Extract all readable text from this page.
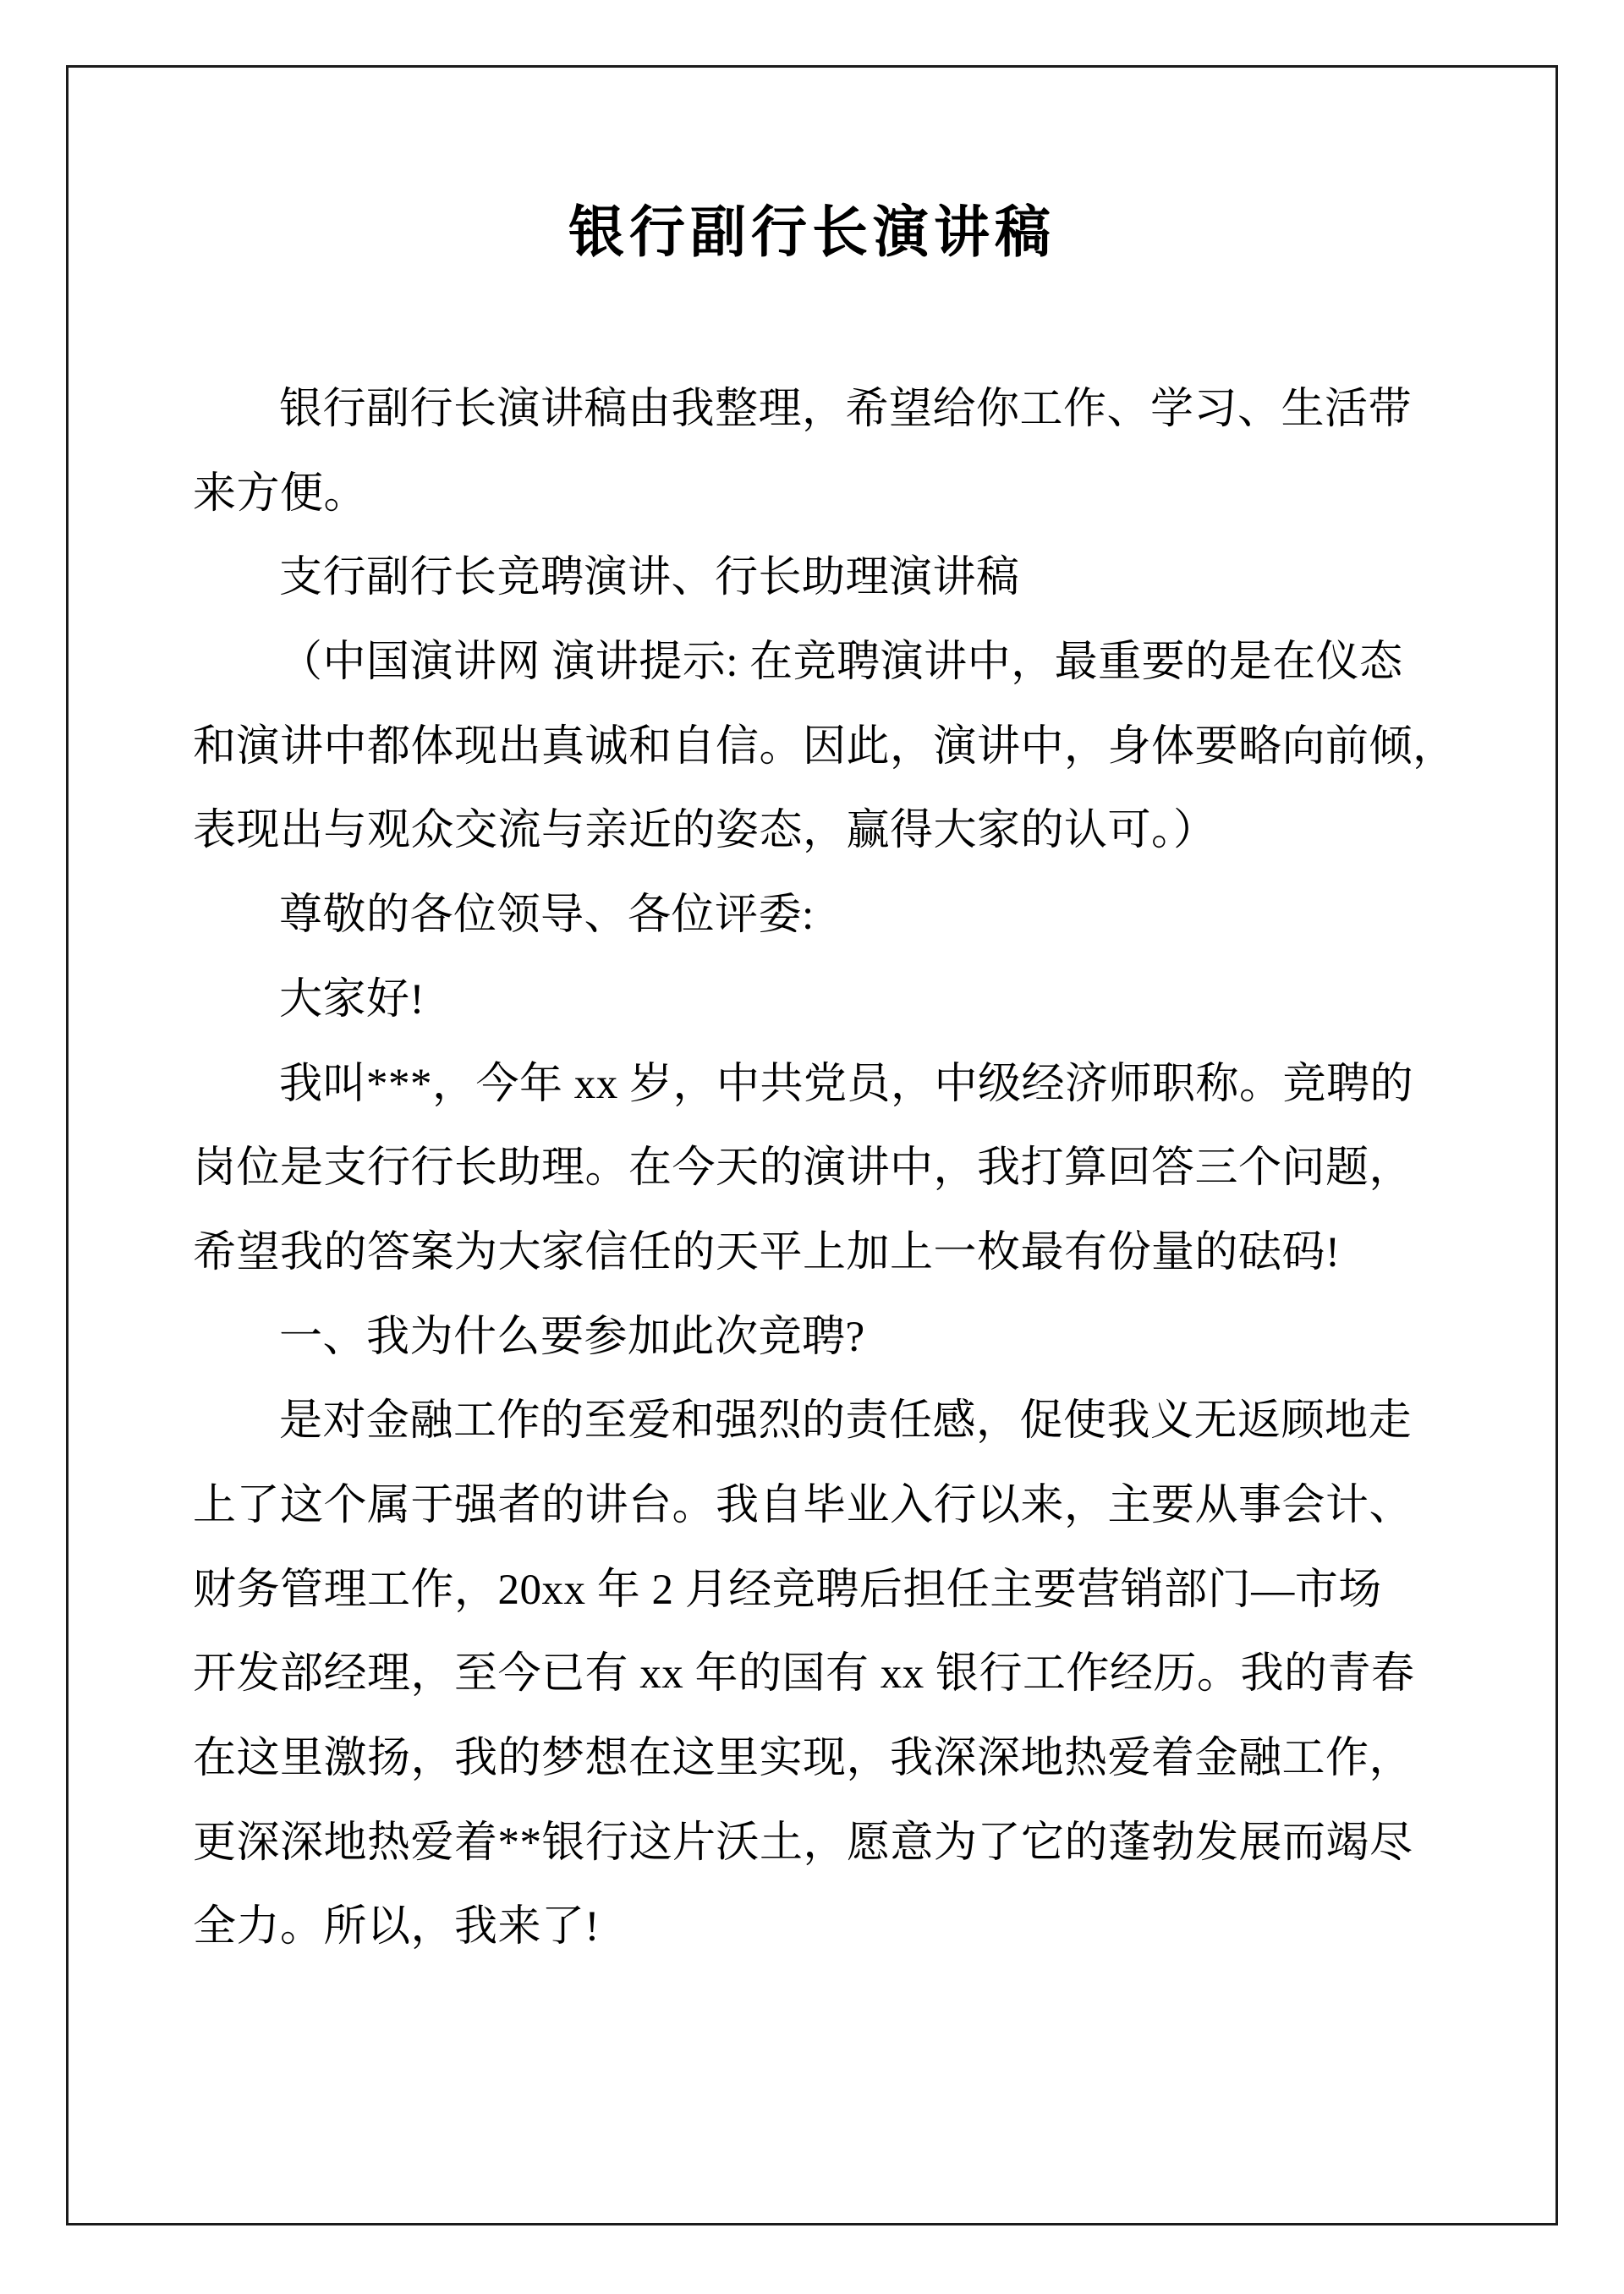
银行副行长演讲稿
银行副行长演讲稿由我整理，希望给你工作、学习、生活带
来方便。
支行副行长竞聘演讲、行长助理演讲稿
（中国演讲网 演讲提示: 在竞聘演讲中，最重要的是在仪态
和演讲中都体现出真诚和自信。因此，演讲中，身体要略向前倾，
表现出与观众交流与亲近的姿态，赢得大家的认可。）
尊敬的各位领导、各位评委:
大家好!
我叫***，今年 xx 岁，中共党员，中级经济师职称。竞聘的
岗位是支行行长助理。在今天的演讲中，我打算回答三个问题，
希望我的答案为大家信任的天平上加上一枚最有份量的砝码!
一、我为什么要参加此次竞聘?
是对金融工作的至爱和强烈的责任感，促使我义无返顾地走
上了这个属于强者的讲台。我自毕业入行以来，主要从事会计、
财务管理工作，20xx 年 2 月经竞聘后担任主要营销部门—市场
开发部经理，至今已有 xx 年的国有 xx 银行工作经历。我的青春
在这里激扬，我的梦想在这里实现，我深深地热爱着金融工作，
更深深地热爱着**银行这片沃土，愿意为了它的蓬勃发展而竭尽
全力。所以，我来了!
